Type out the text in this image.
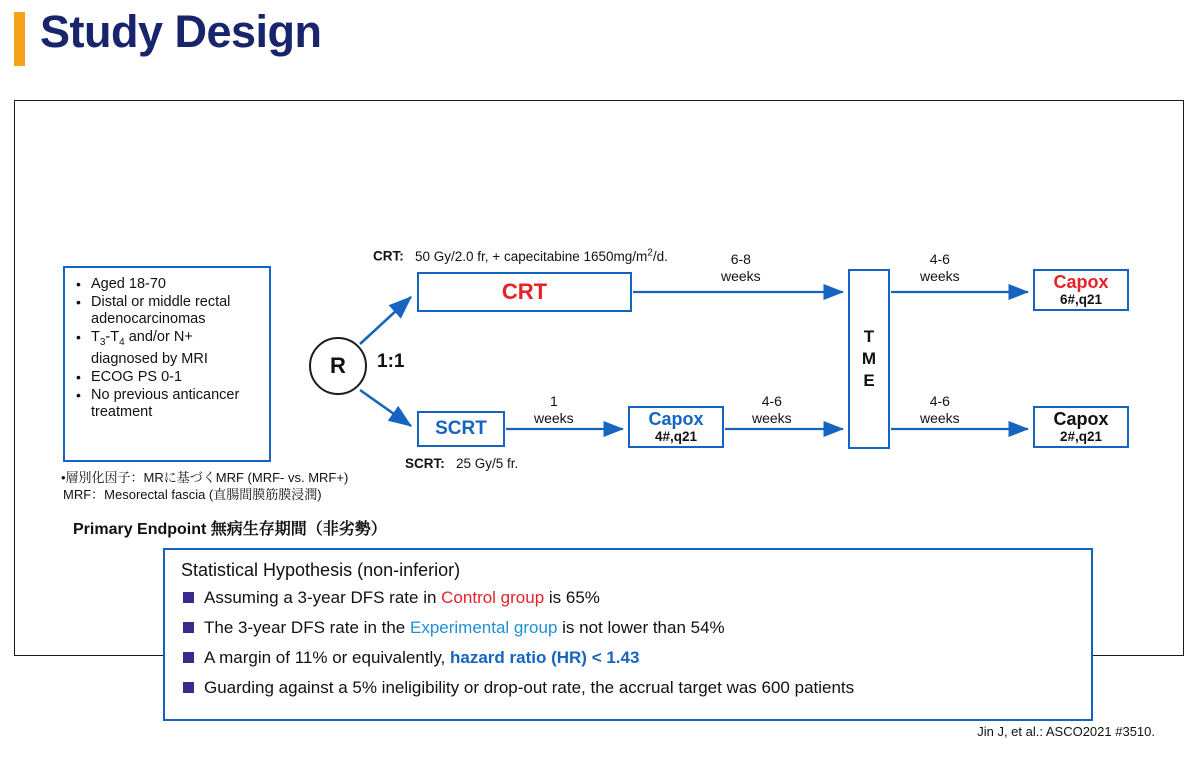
Study Design
• Aged 18-70
• Distal or middle rectal adenocarcinomas
• $T_3-T_4$ and/or N+ diagnosed by MRI
• ECOG PS 0-1
• No previous anticancer treatment
•層別化因子：MRに基づくMRF (MRF- vs. MRF+)
MRF：Mesorectal fascia (直腸間膜筋膜浸潤)
Primary Endpoint 無病生存期間（非劣勢）
R 1:1
CRT: 50 Gy/2.0 fr, + capecitabine $1650mg/m^2/d$.
CRT
SCRT
SCRT: 25 Gy/5 fr.
6-8
weeks
4-6
weeks
1
weeks
4-6
weeks
4-6
weeks
Capox
4#,q21
T
M
E
Capox
6#,q21
Capox
2#,q21
Statistical Hypothesis (non-inferior)
Assuming a 3-year DFS rate in Control group is 65%
The 3-year DFS rate in the Experimental group is not lower than 54%
A margin of 11% or equivalently, hazard ratio (HR) < 1.43
Guarding against a 5% ineligibility or drop-out rate, the accrual target was 600 patients
Jin J, et al.: ASCO2021 #3510.
